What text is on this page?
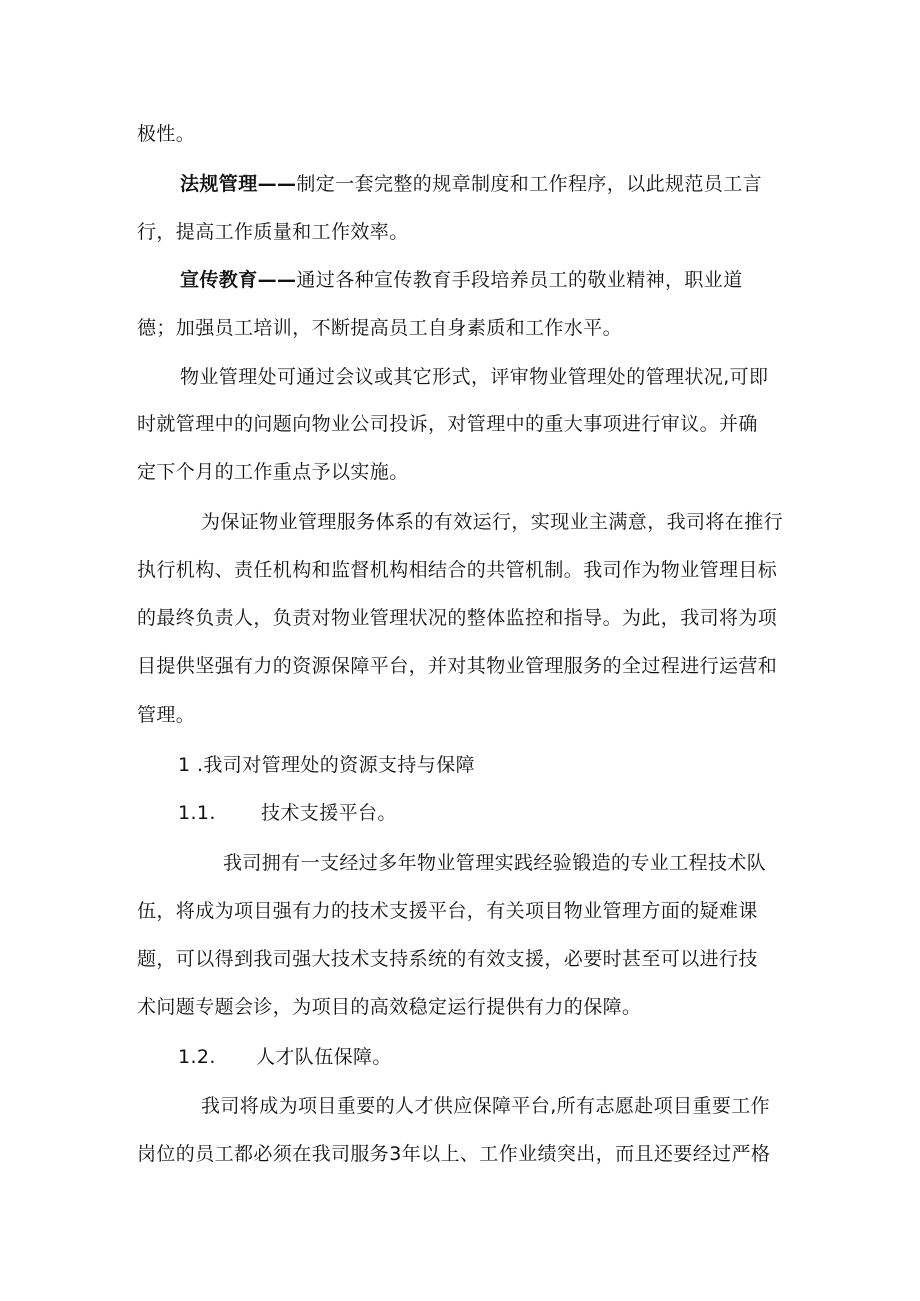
极性。
法规管理——制定一套完整的规章制度和工作程序，以此规范员工言
行，提高工作质量和工作效率。
宣传教育——通过各种宣传教育手段培养员工的敬业精神，职业道
德；加强员工培训，不断提高员工自身素质和工作水平。
物业管理处可通过会议或其它形式，评审物业管理处的管理状况,可即
时就管理中的问题向物业公司投诉，对管理中的重大事项进行审议。并确
定下个月的工作重点予以实施。
为保证物业管理服务体系的有效运行，实现业主满意，我司将在推行
执行机构、责任机构和监督机构相结合的共管机制。我司作为物业管理目标
的最终负责人，负责对物业管理状况的整体监控和指导。为此，我司将为项
目提供坚强有力的资源保障平台，并对其物业管理服务的全过程进行运营和
管理。
1 .我司对管理处的资源支持与保障
1.1. 技术支援平台。
我司拥有一支经过多年物业管理实践经验锻造的专业工程技术队
伍，将成为项目强有力的技术支援平台，有关项目物业管理方面的疑难课
题，可以得到我司强大技术支持系统的有效支援，必要时甚至可以进行技
术问题专题会诊，为项目的高效稳定运行提供有力的保障。
1.2. 人才队伍保障。
我司将成为项目重要的人才供应保障平台,所有志愿赴项目重要工作
岗位的员工都必须在我司服务3年以上、工作业绩突出，而且还要经过严格
